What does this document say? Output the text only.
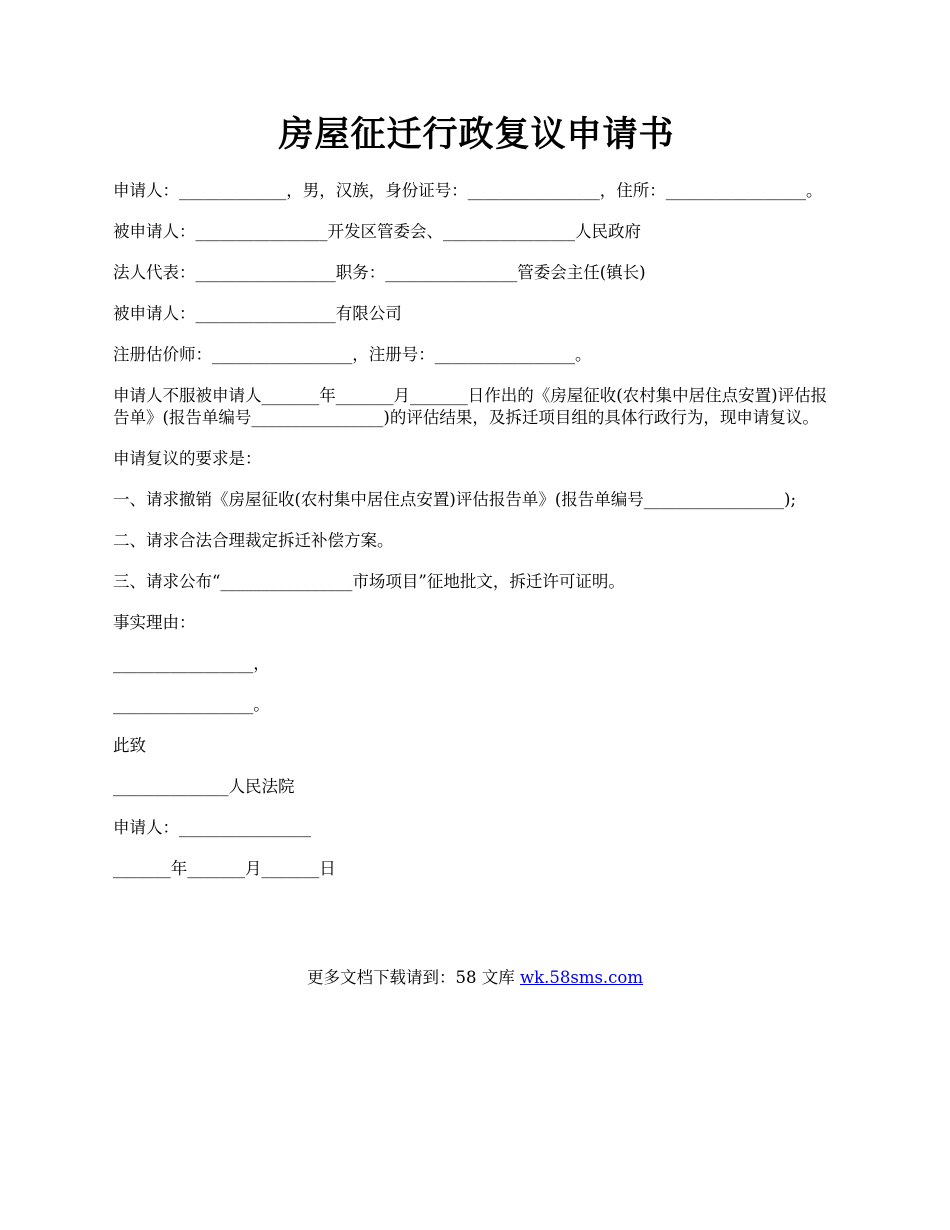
房屋征迁行政复议申请书

申请人：_____________，男，汉族，身份证号：________________，住所：_________________。

被申请人：________________开发区管委会、________________人民政府

法人代表：_________________职务：________________管委会主任(镇长)

被申请人：_________________有限公司

注册估价师：_________________，注册号：_________________。

申请人不服被申请人_______年_______月_______日作出的《房屋征收(农村集中居住点安置)评估报告单》(报告单编号________________)的评估结果，及拆迁项目组的具体行政行为，现申请复议。

申请复议的要求是：

一、请求撤销《房屋征收(农村集中居住点安置)评估报告单》(报告单编号_________________);

二、请求合法合理裁定拆迁补偿方案。

三、请求公布“________________市场项目”征地批文，拆迁许可证明。

事实理由：

_________________，

_________________。

此致

______________人民法院

申请人：________________

_______年_______月_______日

更多文档下载请到：58 文库 wk.58sms.com
